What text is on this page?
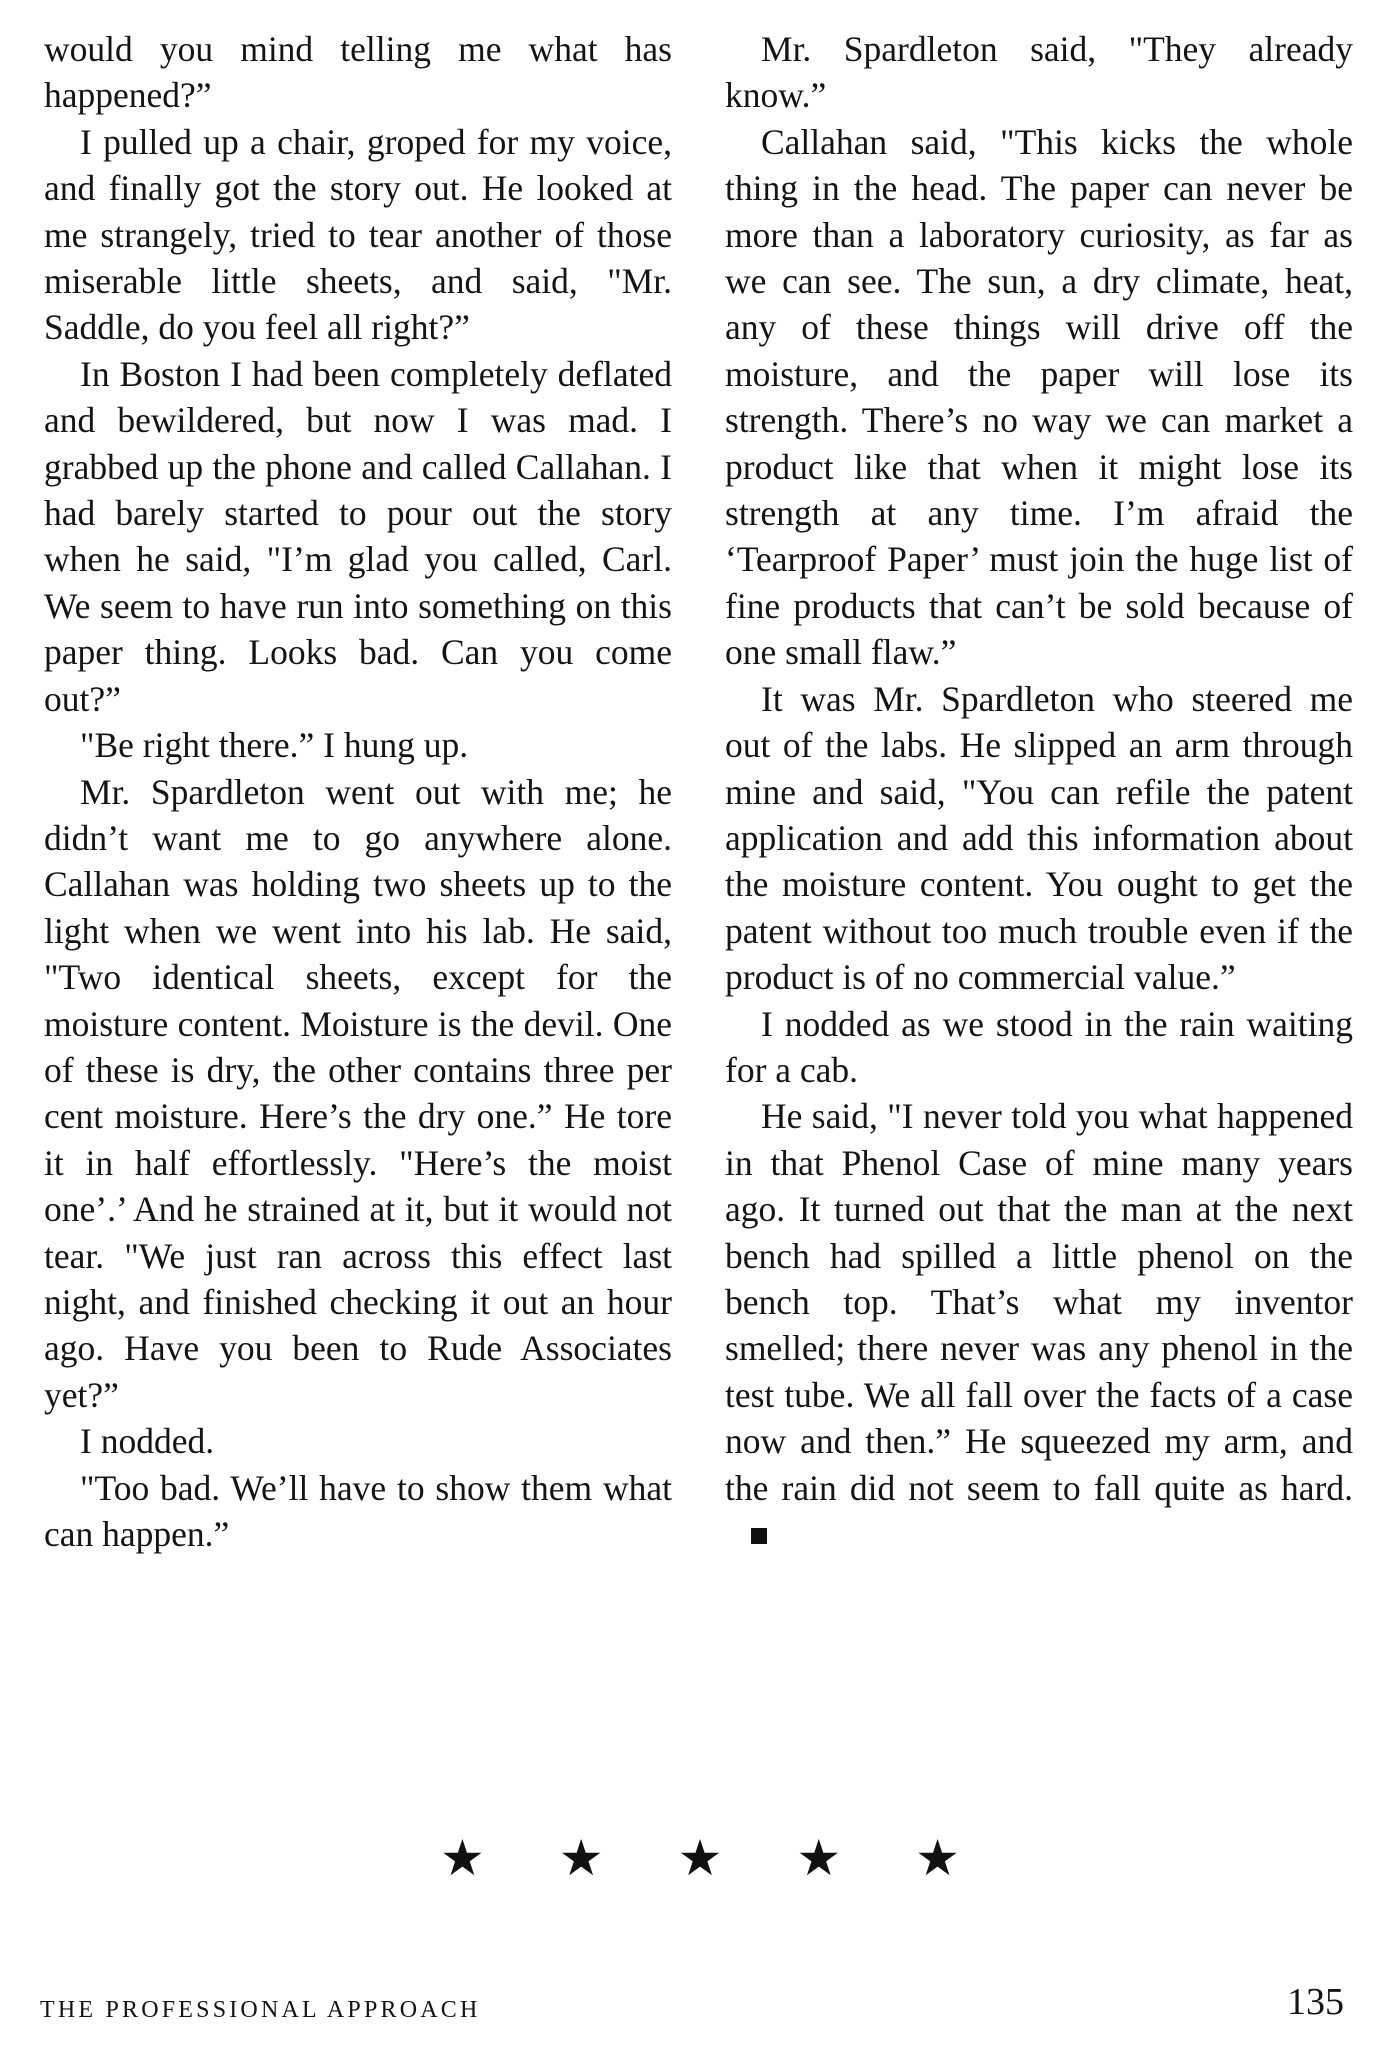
would you mind telling me what has happened?”

I pulled up a chair, groped for my voice, and finally got the story out. He looked at me strangely, tried to tear another of those miserable little sheets, and said, "Mr. Saddle, do you feel all right?”

In Boston I had been completely deflated and bewildered, but now I was mad. I grabbed up the phone and called Callahan. I had barely started to pour out the story when he said, "I’m glad you called, Carl. We seem to have run into something on this paper thing. Looks bad. Can you come out?”

"Be right there.” I hung up.

Mr. Spardleton went out with me; he didn’t want me to go anywhere alone. Callahan was holding two sheets up to the light when we went into his lab. He said, "Two identical sheets, except for the moisture content. Moisture is the devil. One of these is dry, the other contains three per cent moisture. Here’s the dry one.” He tore it in half effortlessly. "Here’s the moist one’.’ And he strained at it, but it would not tear. "We just ran across this effect last night, and finished checking it out an hour ago. Have you been to Rude Associates yet?”

I nodded.

"Too bad. We’ll have to show them what can happen.”

Mr. Spardleton said, "They already know.”

Callahan said, "This kicks the whole thing in the head. The paper can never be more than a laboratory curiosity, as far as we can see. The sun, a dry climate, heat, any of these things will drive off the moisture, and the paper will lose its strength. There’s no way we can market a product like that when it might lose its strength at any time. I’m afraid the ‘Tearproof Paper’ must join the huge list of fine products that can’t be sold because of one small flaw.”

It was Mr. Spardleton who steered me out of the labs. He slipped an arm through mine and said, "You can refile the patent application and add this information about the moisture content. You ought to get the patent without too much trouble even if the product is of no commercial value.”

I nodded as we stood in the rain waiting for a cab.

He said, "I never told you what happened in that Phenol Case of mine many years ago. It turned out that the man at the next bench had spilled a little phenol on the bench top. That’s what my inventor smelled; there never was any phenol in the test tube. We all fall over the facts of a case now and then.” He squeezed my arm, and the rain did not seem to fall quite as hard.

★ ★ ★ ★ ★
THE PROFESSIONAL APPROACH	135
